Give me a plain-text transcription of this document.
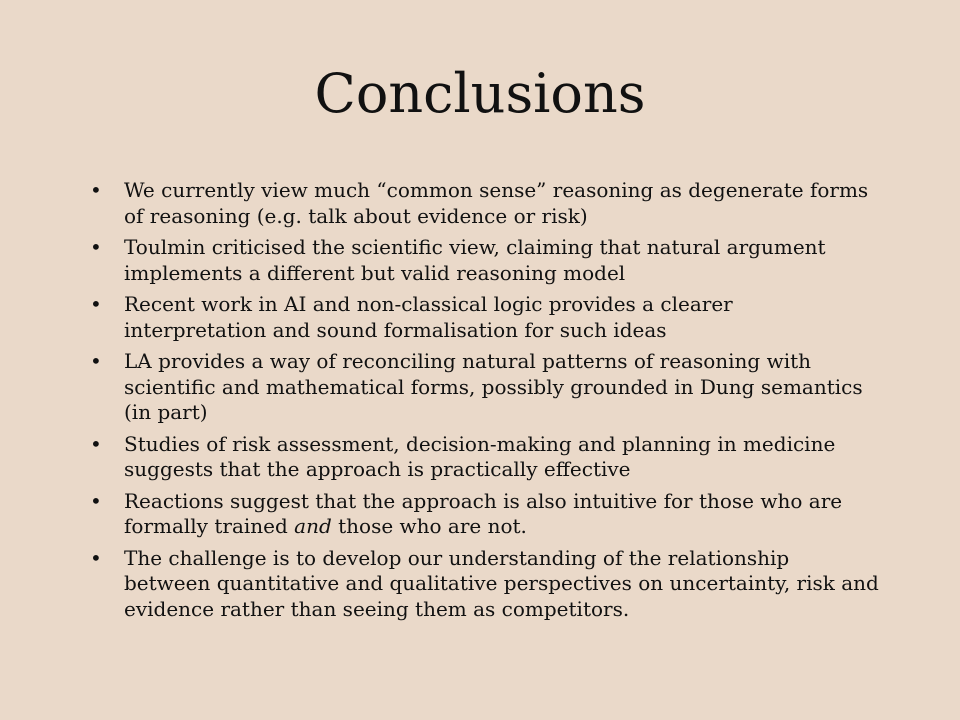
Conclusions
•	We currently view much “common sense” reasoning as degenerate forms of reasoning (e.g. talk about evidence or risk)
•	Toulmin criticised the scientific view, claiming that natural argument implements a different but valid reasoning model
•	Recent work in AI and non-classical logic provides a clearer interpretation and sound formalisation for such ideas
•	LA provides a way of reconciling natural patterns of reasoning with scientific and mathematical forms, possibly grounded in Dung semantics (in part)
•	Studies of risk assessment, decision-making and planning in medicine suggests that the approach is practically effective
•	Reactions suggest that the approach is also intuitive for those who are formally trained and those who are not.
•	The challenge is to develop our understanding of the relationship between quantitative and qualitative perspectives on uncertainty, risk and evidence rather than seeing them as competitors.
